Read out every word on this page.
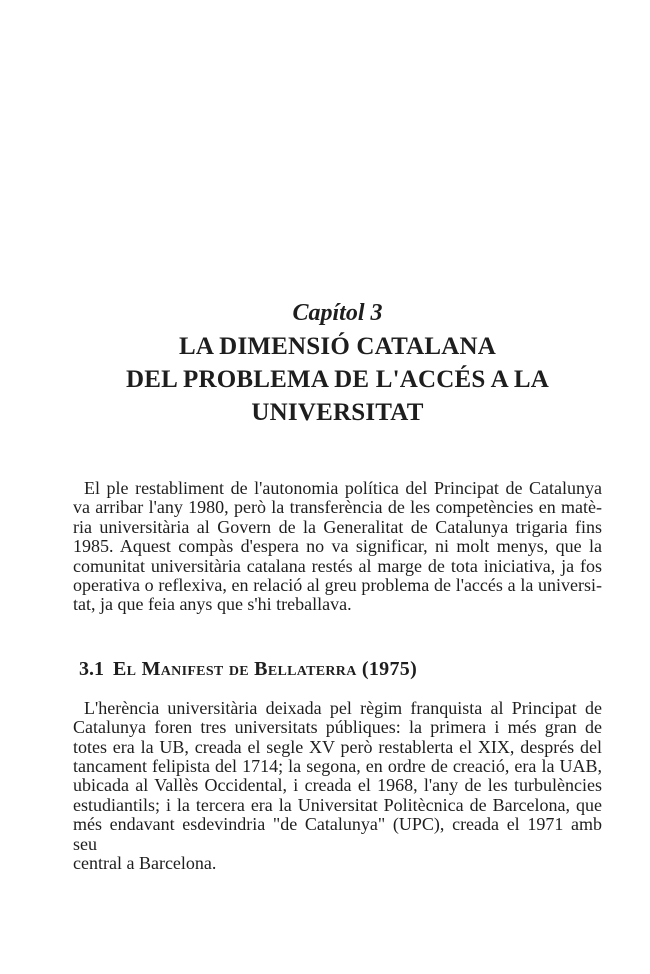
Capítol 3
LA DIMENSIÓ CATALANA
DEL PROBLEMA DE L'ACCÉS A LA
UNIVERSITAT
El ple restabliment de l'autonomia política del Principat de Catalunya
va arribar l'any 1980, però la transferència de les competències en matè-
ria universitària al Govern de la Generalitat de Catalunya trigaria fins
1985. Aquest compàs d'espera no va significar, ni molt menys, que la
comunitat universitària catalana restés al marge de tota iniciativa, ja fos
operativa o reflexiva, en relació al greu problema de l'accés a la universi-
tat, ja que feia anys que s'hi treballava.
3.1 El Manifest de Bellaterra (1975)
L'herència universitària deixada pel règim franquista al Principat de
Catalunya foren tres universitats públiques: la primera i més gran de
totes era la UB, creada el segle XV però restablerta el XIX, després del
tancament felipista del 1714; la segona, en ordre de creació, era la UAB,
ubicada al Vallès Occidental, i creada el 1968, l'any de les turbulències
estudiantils; i la tercera era la Universitat Politècnica de Barcelona, que
més endavant esdevindria "de Catalunya" (UPC), creada el 1971 amb seu
central a Barcelona.
